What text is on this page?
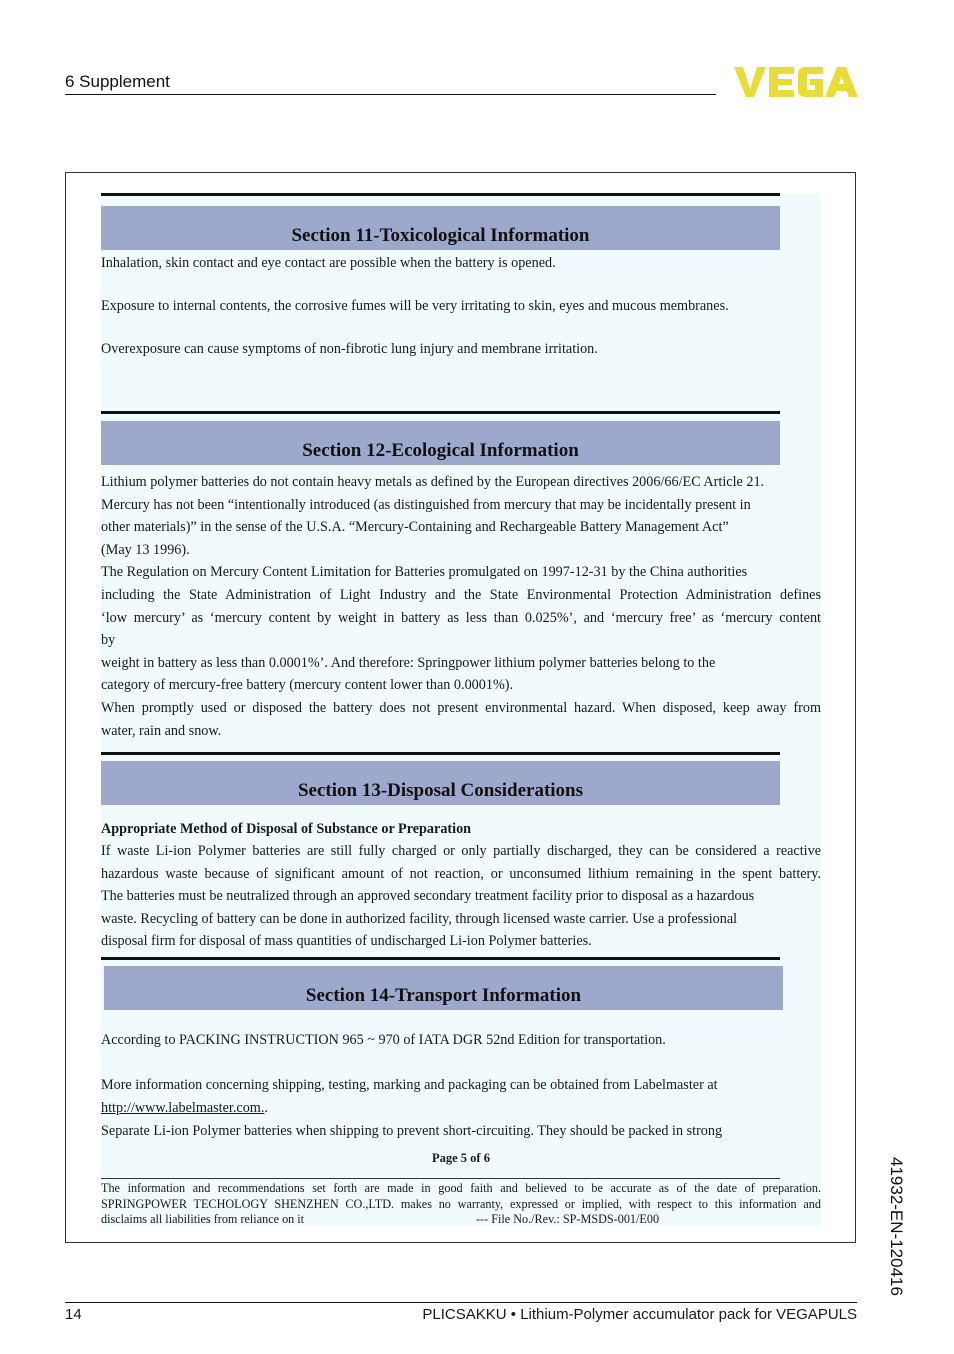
6 Supplement
Section 11-Toxicological Information

Inhalation, skin contact and eye contact are possible when the battery is opened.

Exposure to internal contents, the corrosive fumes will be very irritating to skin, eyes and mucous membranes.

Overexposure can cause symptoms of non-fibrotic lung injury and membrane irritation.

Section 12-Ecological Information
Lithium polymer batteries do not contain heavy metals as defined by the European directives 2006/66/EC Article 21.
Mercury has not been “intentionally introduced (as distinguished from mercury that may be incidentally present in
other materials)” in the sense of the U.S.A. “Mercury-Containing and Rechargeable Battery Management Act”
(May 13 1996).
The Regulation on Mercury Content Limitation for Batteries promulgated on 1997-12-31 by the China authorities
including the State Administration of Light Industry and the State Environmental Protection Administration defines
‘low mercury’ as ‘mercury content by weight in battery as less than 0.025%’, and ‘mercury free’ as ‘mercury content
by
weight in battery as less than 0.0001%’. And therefore: Springpower lithium polymer batteries belong to the
category of mercury-free battery (mercury content lower than 0.0001%).
When promptly used or disposed the battery does not present environmental hazard. When disposed, keep away from
water, rain and snow.
Section 13-Disposal Considerations

Appropriate Method of Disposal of Substance or Preparation

If waste Li-ion Polymer batteries are still fully charged or only partially discharged, they can be considered a reactive
hazardous waste because of significant amount of not reaction, or unconsumed lithium remaining in the spent battery.
The batteries must be neutralized through an approved secondary treatment facility prior to disposal as a hazardous
waste. Recycling of battery can be done in authorized facility, through licensed waste carrier. Use a professional
disposal firm for disposal of mass quantities of undischarged Li-ion Polymer batteries.
Section 14-Transport Information

According to PACKING INSTRUCTION 965 ~ 970 of IATA DGR 52nd Edition for transportation.

More information concerning shipping, testing, marking and packaging can be obtained from Labelmaster at

http://www.labelmaster.com..

Separate Li-ion Polymer batteries when shipping to prevent short-circuiting. They should be packed in strong

Page 5 of 6
The information and recommendations set forth are made in good faith and believed to be accurate as of the date of preparation.
SPRINGPOWER TECHOLOGY SHENZHEN CO.,LTD. makes no warranty, expressed or implied, with respect to this information and
disclaims all liabilities from reliance on it	--- File No./Rev.: SP-MSDS-001/E00	41932-EN-120416
14	PLICSAKKU • Lithium-Polymer accumulator pack for VEGAPULS
